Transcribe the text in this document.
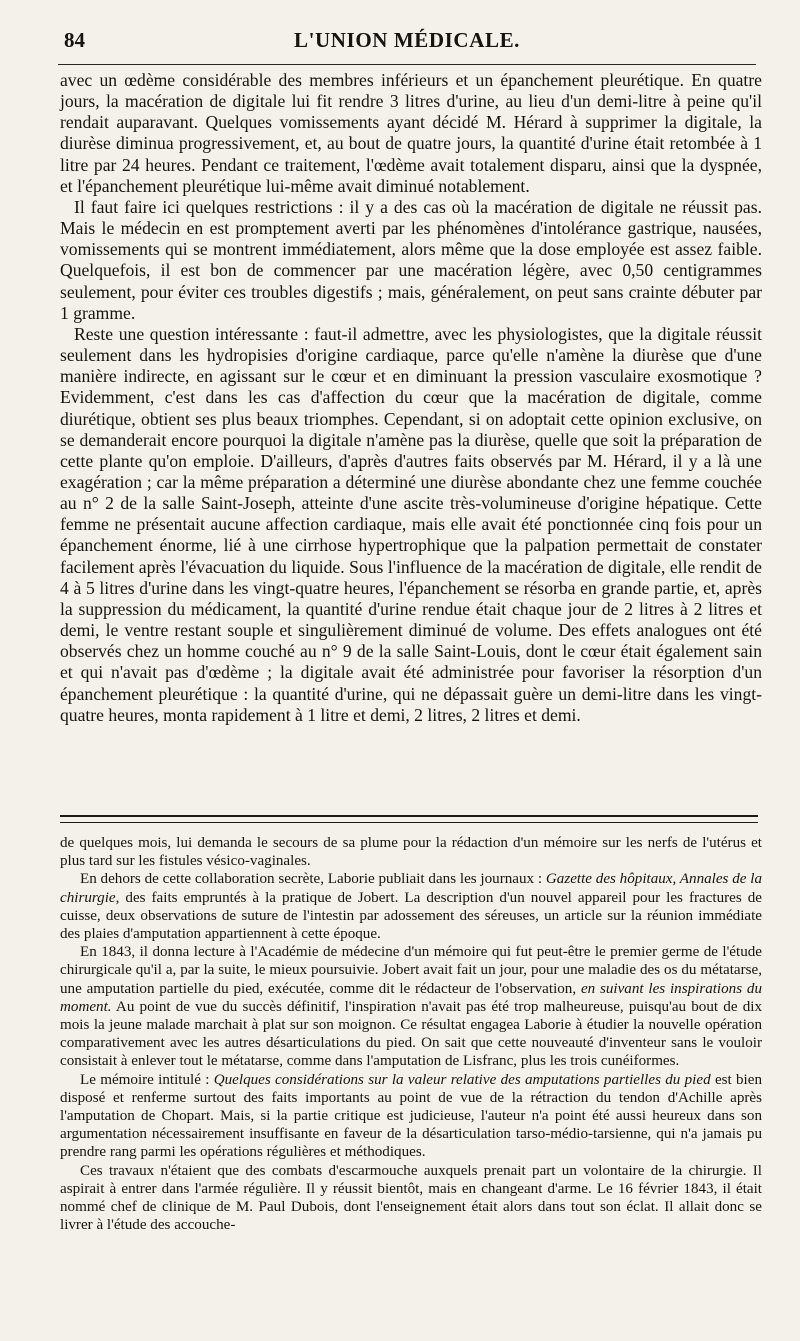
84	L'UNION MÉDICALE.

avec un œdème considérable des membres inférieurs et un épanchement pleurétique. En quatre jours, la macération de digitale lui fit rendre 3 litres d'urine, au lieu d'un demi-litre à peine qu'il rendait auparavant. Quelques vomissements ayant décidé M. Hérard à supprimer la digitale, la diurèse diminua progressivement, et, au bout de quatre jours, la quantité d'urine était retombée à 1 litre par 24 heures. Pendant ce traitement, l'œdème avait totalement disparu, ainsi que la dyspnée, et l'épanchement pleurétique lui-même avait diminué notablement.

Il faut faire ici quelques restrictions : il y a des cas où la macération de digitale ne réussit pas. Mais le médecin en est promptement averti par les phénomènes d'intolérance gastrique, nausées, vomissements qui se montrent immédiatement, alors même que la dose employée est assez faible. Quelquefois, il est bon de commencer par une macération légère, avec 0,50 centigrammes seulement, pour éviter ces troubles digestifs ; mais, généralement, on peut sans crainte débuter par 1 gramme.

Reste une question intéressante : faut-il admettre, avec les physiologistes, que la digitale réussit seulement dans les hydropisies d'origine cardiaque, parce qu'elle n'amène la diurèse que d'une manière indirecte, en agissant sur le cœur et en diminuant la pression vasculaire exosmotique ? Evidemment, c'est dans les cas d'affection du cœur que la macération de digitale, comme diurétique, obtient ses plus beaux triomphes. Cependant, si on adoptait cette opinion exclusive, on se demanderait encore pourquoi la digitale n'amène pas la diurèse, quelle que soit la préparation de cette plante qu'on emploie. D'ailleurs, d'après d'autres faits observés par M. Hérard, il y a là une exagération ; car la même préparation a déterminé une diurèse abondante chez une femme couchée au n° 2 de la salle Saint-Joseph, atteinte d'une ascite très-volumineuse d'origine hépatique. Cette femme ne présentait aucune affection cardiaque, mais elle avait été ponctionnée cinq fois pour un épanchement énorme, lié à une cirrhose hypertrophique que la palpation permettait de constater facilement après l'évacuation du liquide. Sous l'influence de la macération de digitale, elle rendit de 4 à 5 litres d'urine dans les vingt-quatre heures, l'épanchement se résorba en grande partie, et, après la suppression du médicament, la quantité d'urine rendue était chaque jour de 2 litres à 2 litres et demi, le ventre restant souple et singulièrement diminué de volume. Des effets analogues ont été observés chez un homme couché au n° 9 de la salle Saint-Louis, dont le cœur était également sain et qui n'avait pas d'œdème ; la digitale avait été administrée pour favoriser la résorption d'un épanchement pleurétique : la quantité d'urine, qui ne dépassait guère un demi-litre dans les vingt-quatre heures, monta rapidement à 1 litre et demi, 2 litres, 2 litres et demi.

de quelques mois, lui demanda le secours de sa plume pour la rédaction d'un mémoire sur les nerfs de l'utérus et plus tard sur les fistules vésico-vaginales.

En dehors de cette collaboration secrète, Laborie publiait dans les journaux : Gazette des hôpitaux, Annales de la chirurgie, des faits empruntés à la pratique de Jobert. La description d'un nouvel appareil pour les fractures de cuisse, deux observations de suture de l'intestin par adossement des séreuses, un article sur la réunion immédiate des plaies d'amputation appartiennent à cette époque.

En 1843, il donna lecture à l'Académie de médecine d'un mémoire qui fut peut-être le premier germe de l'étude chirurgicale qu'il a, par la suite, le mieux poursuivie. Jobert avait fait un jour, pour une maladie des os du métatarse, une amputation partielle du pied, exécutée, comme dit le rédacteur de l'observation, en suivant les inspirations du moment. Au point de vue du succès définitif, l'inspiration n'avait pas été trop malheureuse, puisqu'au bout de dix mois la jeune malade marchait à plat sur son moignon. Ce résultat engagea Laborie à étudier la nouvelle opération comparativement avec les autres désarticulations du pied. On sait que cette nouveauté d'inventeur sans le vouloir consistait à enlever tout le métatarse, comme dans l'amputation de Lisfranc, plus les trois cunéiformes.

Le mémoire intitulé : Quelques considérations sur la valeur relative des amputations partielles du pied est bien disposé et renferme surtout des faits importants au point de vue de la rétraction du tendon d'Achille après l'amputation de Chopart. Mais, si la partie critique est judicieuse, l'auteur n'a point été aussi heureux dans son argumentation nécessairement insuffisante en faveur de la désarticulation tarso-médio-tarsienne, qui n'a jamais pu prendre rang parmi les opérations régulières et méthodiques.

Ces travaux n'étaient que des combats d'escarmouche auxquels prenait part un volontaire de la chirurgie. Il aspirait à entrer dans l'armée régulière. Il y réussit bientôt, mais en changeant d'arme. Le 16 février 1843, il était nommé chef de clinique de M. Paul Dubois, dont l'enseignement était alors dans tout son éclat. Il allait donc se livrer à l'étude des accouche-
